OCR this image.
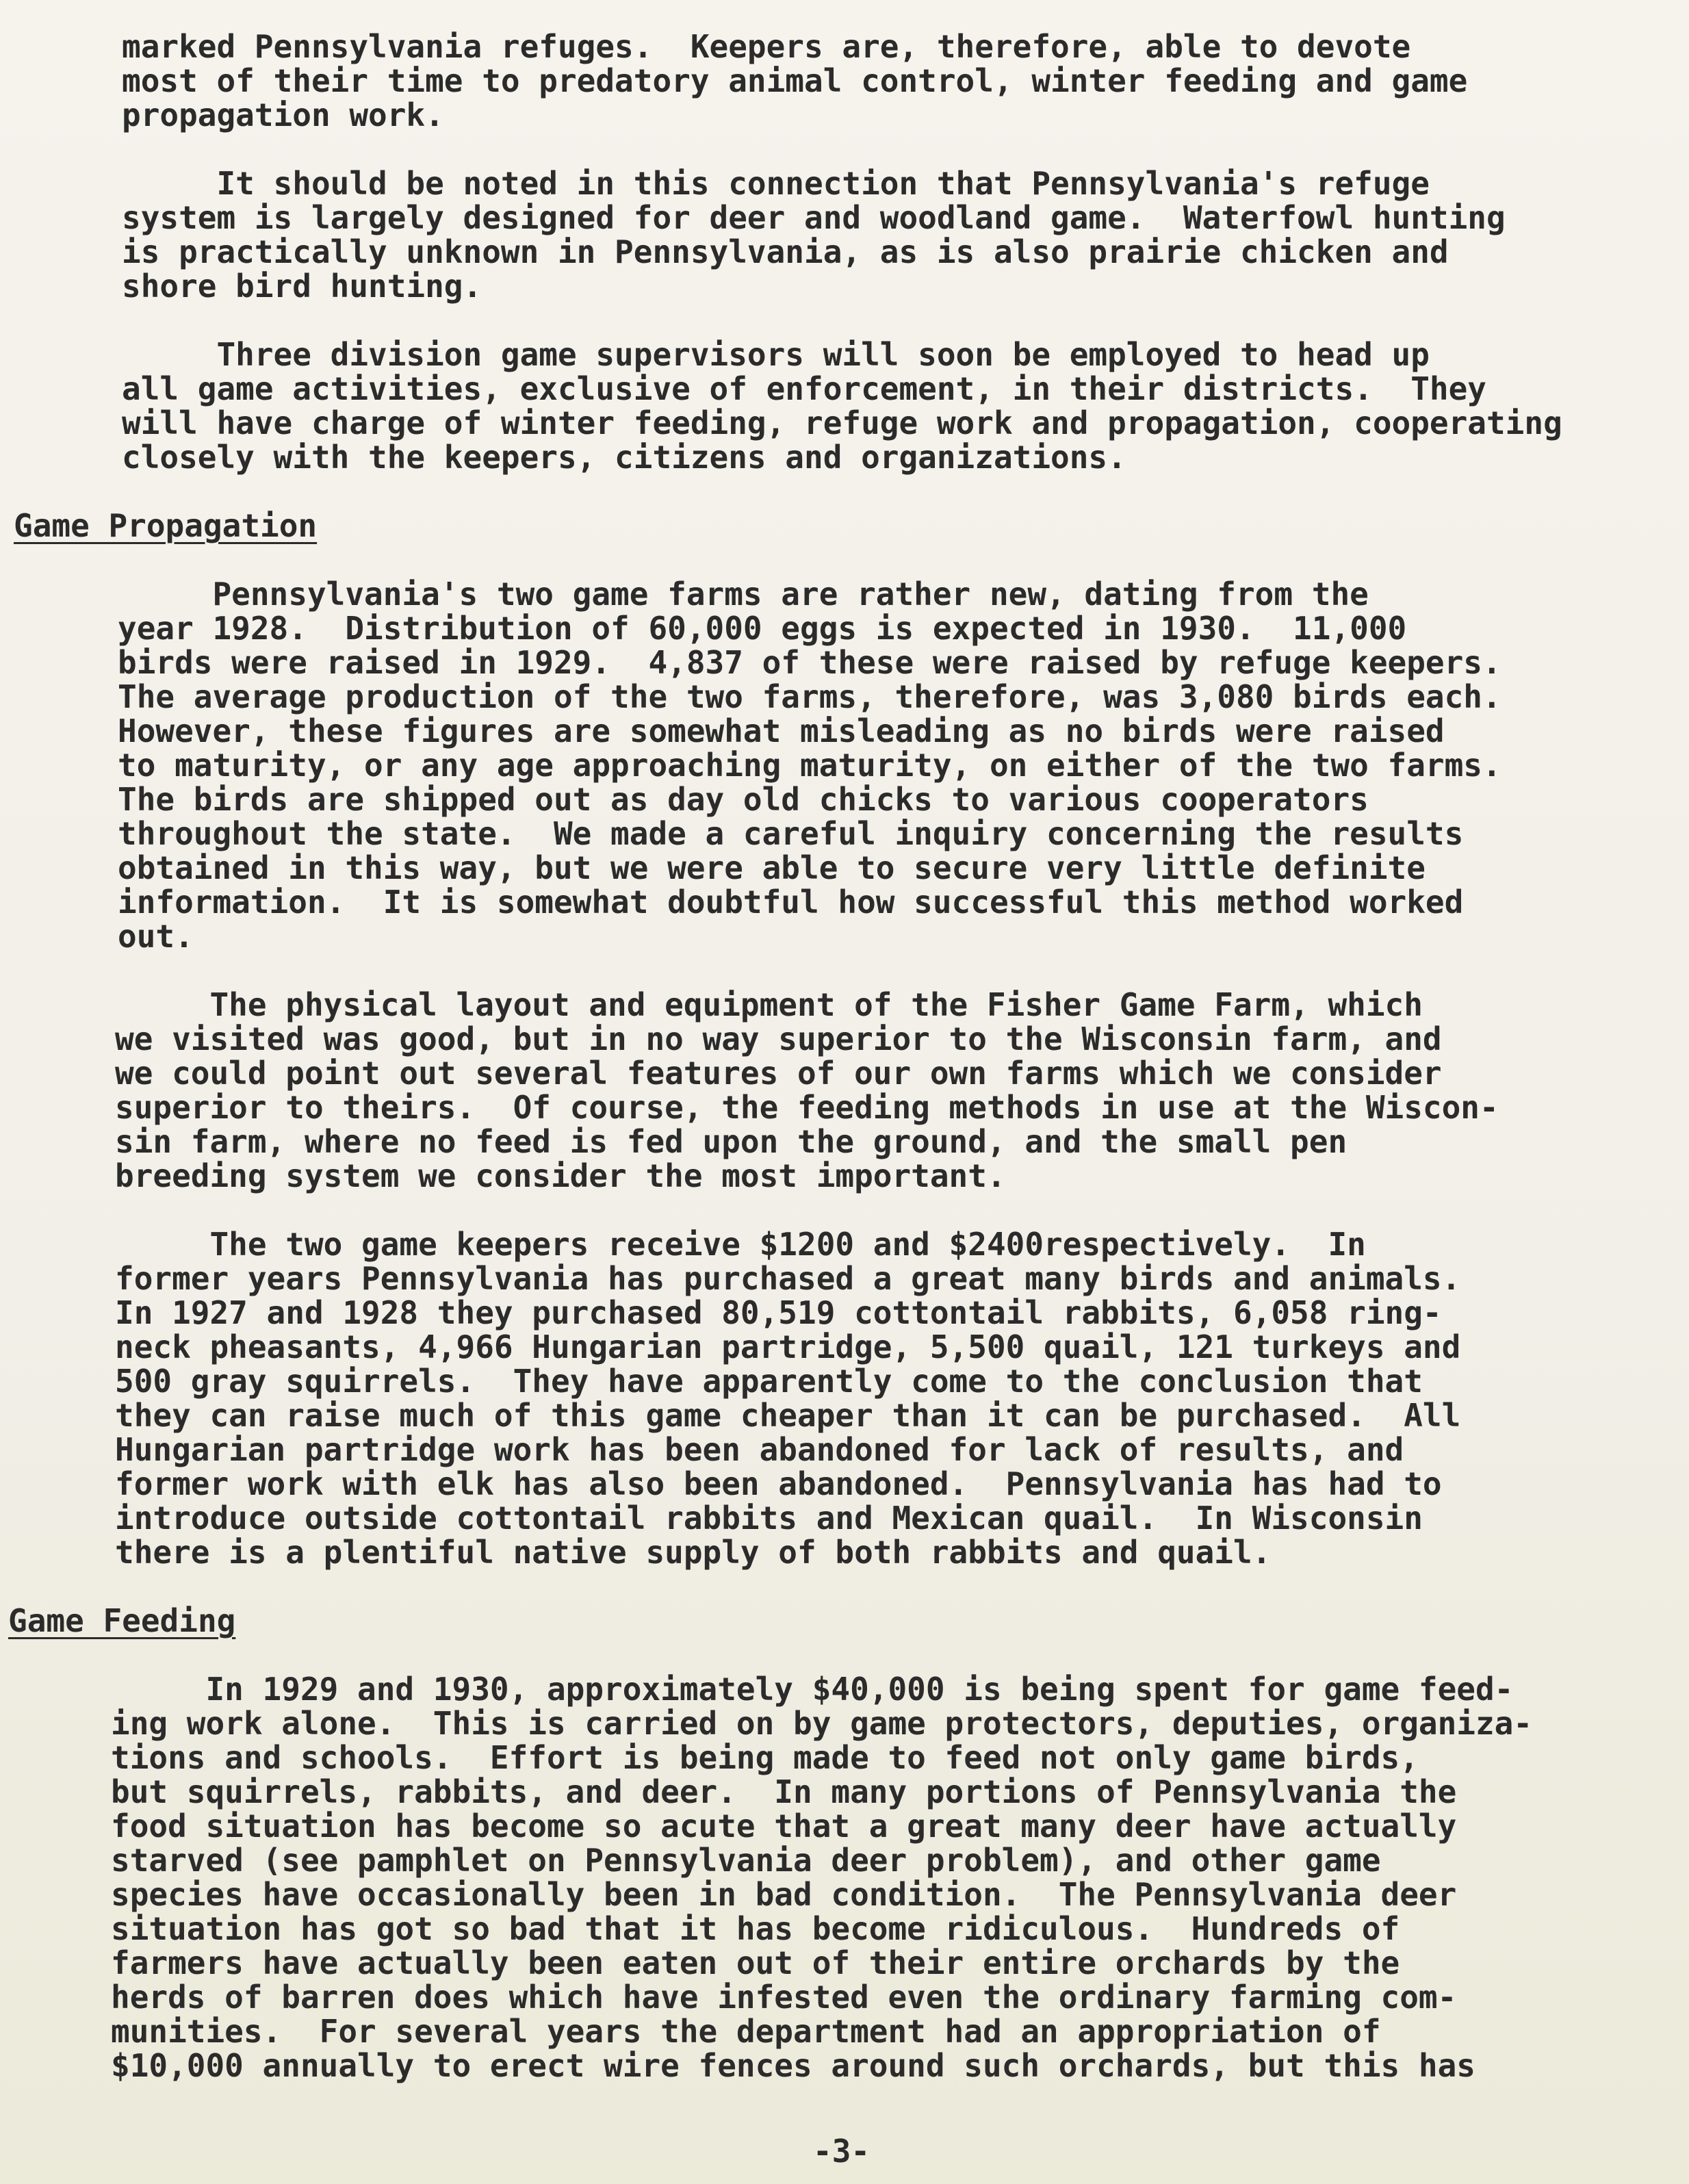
marked Pennsylvania refuges.  Keepers are, therefore, able to devote

most of their time to predatory animal control, winter feeding and game

propagation work.

It should be noted in this connection that Pennsylvania's refuge

system is largely designed for deer and woodland game.  Waterfowl hunting

is practically unknown in Pennsylvania, as is also prairie chicken and

shore bird hunting.

Three division game supervisors will soon be employed to head up

all game activities, exclusive of enforcement, in their districts.  They

will have charge of winter feeding, refuge work and propagation, cooperating

closely with the keepers, citizens and organizations.

Game Propagation

Pennsylvania's two game farms are rather new, dating from the

year 1928.  Distribution of 60,000 eggs is expected in 1930.  11,000

birds were raised in 1929.  4,837 of these were raised by refuge keepers.

The average production of the two farms, therefore, was 3,080 birds each.

However, these figures are somewhat misleading as no birds were raised

to maturity, or any age approaching maturity, on either of the two farms.

The birds are shipped out as day old chicks to various cooperators

throughout the state.  We made a careful inquiry concerning the results

obtained in this way, but we were able to secure very little definite

information.  It is somewhat doubtful how successful this method worked

out.

The physical layout and equipment of the Fisher Game Farm, which

we visited was good, but in no way superior to the Wisconsin farm, and

we could point out several features of our own farms which we consider

superior to theirs.  Of course, the feeding methods in use at the Wiscon-

sin farm, where no feed is fed upon the ground, and the small pen

breeding system we consider the most important.

The two game keepers receive $1200 and $2400respectively.  In

former years Pennsylvania has purchased a great many birds and animals.

In 1927 and 1928 they purchased 80,519 cottontail rabbits, 6,058 ring-

neck pheasants, 4,966 Hungarian partridge, 5,500 quail, 121 turkeys and

500 gray squirrels.  They have apparently come to the conclusion that

they can raise much of this game cheaper than it can be purchased.  All

Hungarian partridge work has been abandoned for lack of results, and

former work with elk has also been abandoned.  Pennsylvania has had to

introduce outside cottontail rabbits and Mexican quail.  In Wisconsin

there is a plentiful native supply of both rabbits and quail.

Game Feeding

In 1929 and 1930, approximately $40,000 is being spent for game feed-

ing work alone.  This is carried on by game protectors, deputies, organiza-

tions and schools.  Effort is being made to feed not only game birds,

but squirrels, rabbits, and deer.  In many portions of Pennsylvania the

food situation has become so acute that a great many deer have actually

starved (see pamphlet on Pennsylvania deer problem), and other game

species have occasionally been in bad condition.  The Pennsylvania deer

situation has got so bad that it has become ridiculous.  Hundreds of

farmers have actually been eaten out of their entire orchards by the

herds of barren does which have infested even the ordinary farming com-

munities.  For several years the department had an appropriation of

$10,000 annually to erect wire fences around such orchards, but this has

-3-
